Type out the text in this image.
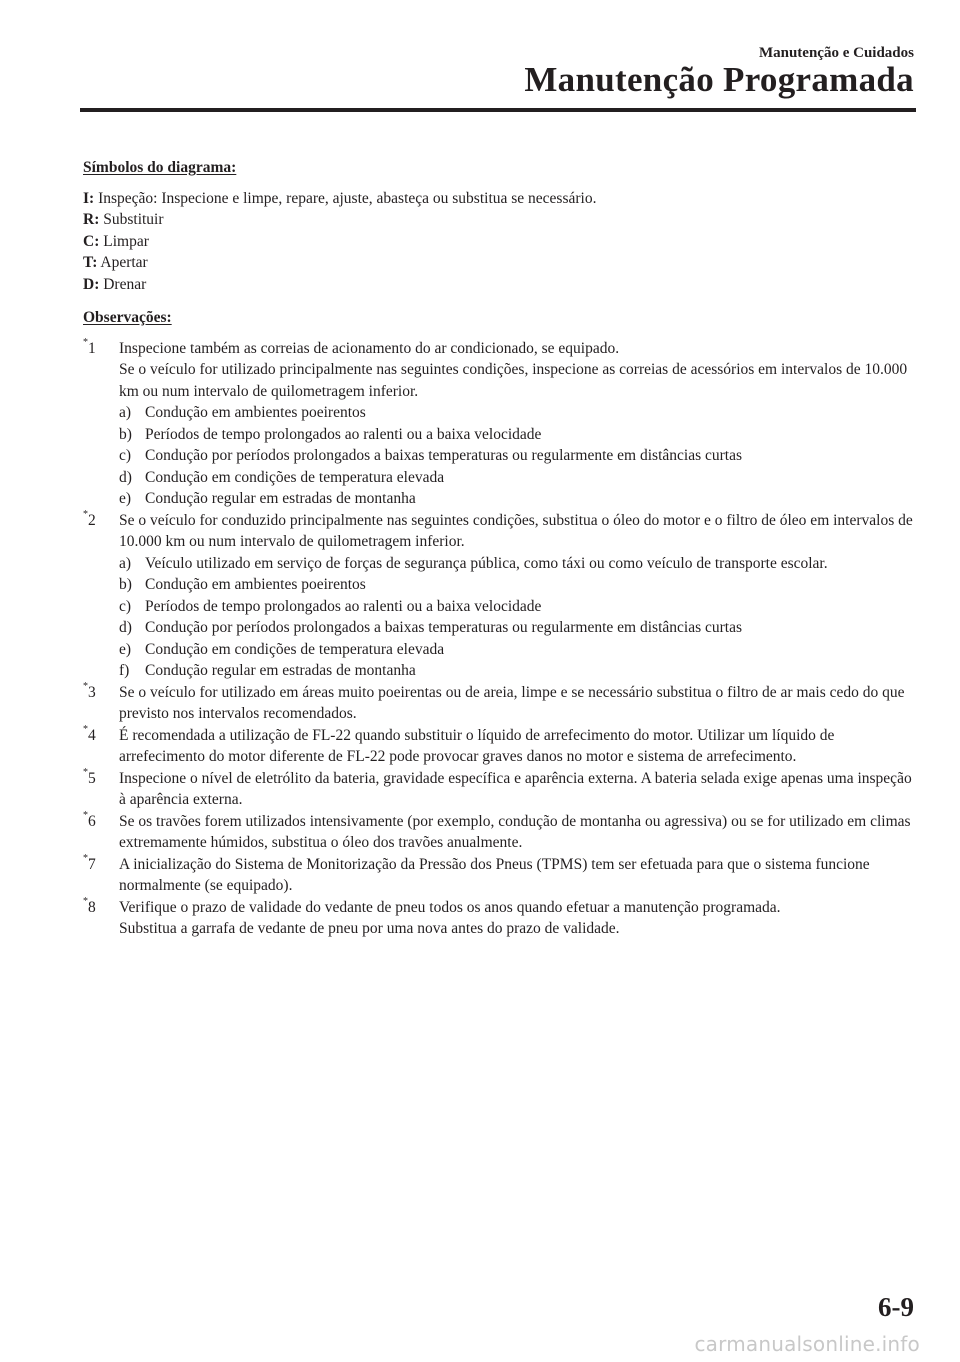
Manutenção e Cuidados
Manutenção Programada
Símbolos do diagrama:
I: Inspeção: Inspecione e limpe, repare, ajuste, abasteça ou substitua se necessário.
R: Substituir
C: Limpar
T: Apertar
D: Drenar
Observações:
*1 Inspecione também as correias de acionamento do ar condicionado, se equipado.
Se o veículo for utilizado principalmente nas seguintes condições, inspecione as correias de acessórios em intervalos de 10.000 km ou num intervalo de quilometragem inferior.
a) Condução em ambientes poeirentos
b) Períodos de tempo prolongados ao ralenti ou a baixa velocidade
c) Condução por períodos prolongados a baixas temperaturas ou regularmente em distâncias curtas
d) Condução em condições de temperatura elevada
e) Condução regular em estradas de montanha
*2 Se o veículo for conduzido principalmente nas seguintes condições, substitua o óleo do motor e o filtro de óleo em intervalos de 10.000 km ou num intervalo de quilometragem inferior.
a) Veículo utilizado em serviço de forças de segurança pública, como táxi ou como veículo de transporte escolar.
b) Condução em ambientes poeirentos
c) Períodos de tempo prolongados ao ralenti ou a baixa velocidade
d) Condução por períodos prolongados a baixas temperaturas ou regularmente em distâncias curtas
e) Condução em condições de temperatura elevada
f) Condução regular em estradas de montanha
*3 Se o veículo for utilizado em áreas muito poeirentas ou de areia, limpe e se necessário substitua o filtro de ar mais cedo do que previsto nos intervalos recomendados.
*4 É recomendada a utilização de FL-22 quando substituir o líquido de arrefecimento do motor. Utilizar um líquido de arrefecimento do motor diferente de FL-22 pode provocar graves danos no motor e sistema de arrefecimento.
*5 Inspecione o nível de eletrólito da bateria, gravidade específica e aparência externa. A bateria selada exige apenas uma inspeção à aparência externa.
*6 Se os travões forem utilizados intensivamente (por exemplo, condução de montanha ou agressiva) ou se for utilizado em climas extremamente húmidos, substitua o óleo dos travões anualmente.
*7 A inicialização do Sistema de Monitorização da Pressão dos Pneus (TPMS) tem ser efetuada para que o sistema funcione normalmente (se equipado).
*8 Verifique o prazo de validade do vedante de pneu todos os anos quando efetuar a manutenção programada.
Substitua a garrafa de vedante de pneu por uma nova antes do prazo de validade.
6-9
carmanualsonline.info
